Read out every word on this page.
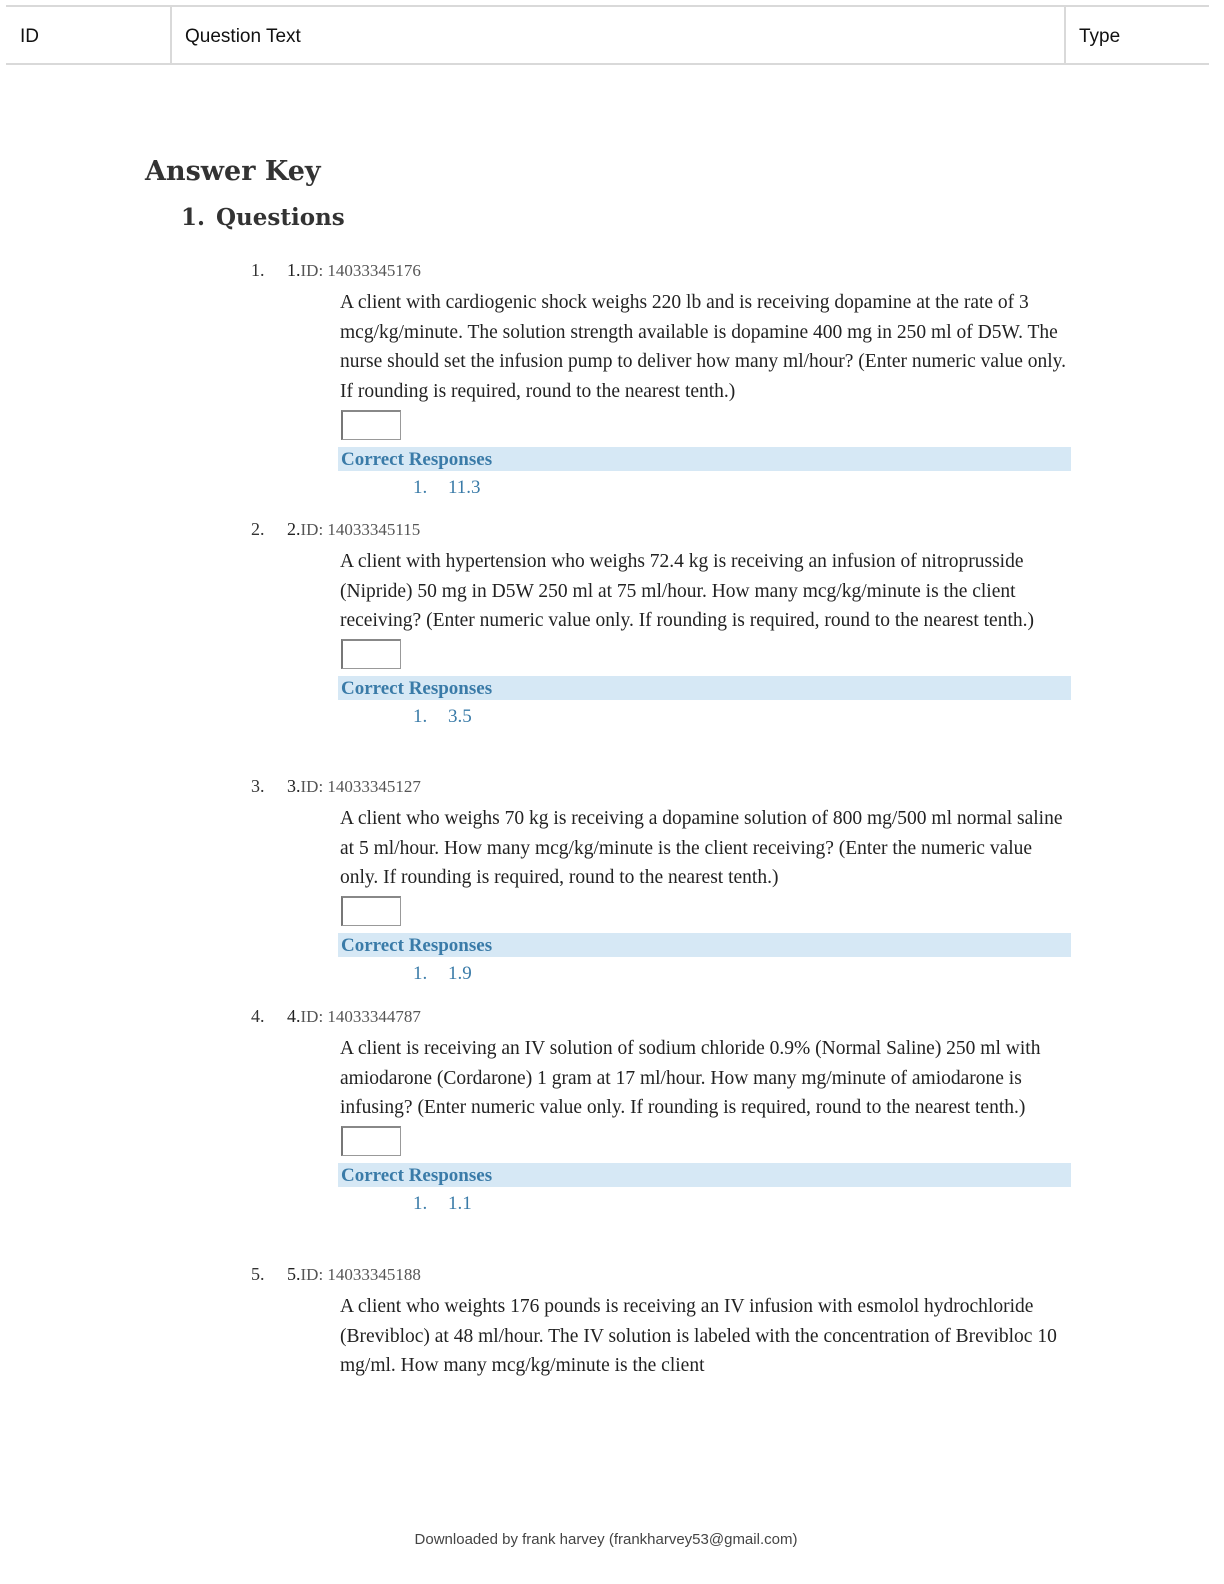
ID	Question Text	Type
Answer Key
1. Questions
1. 1.ID: 14033345176
A client with cardiogenic shock weighs 220 lb and is receiving dopamine at the rate of 3 mcg/kg/minute. The solution strength available is dopamine 400 mg in 250 ml of D5W. The nurse should set the infusion pump to deliver how many ml/hour? (Enter numeric value only. If rounding is required, round to the nearest tenth.)
Correct Responses
1. 11.3
2. 2.ID: 14033345115
A client with hypertension who weighs 72.4 kg is receiving an infusion of nitroprusside (Nipride) 50 mg in D5W 250 ml at 75 ml/hour. How many mcg/kg/minute is the client receiving? (Enter numeric value only. If rounding is required, round to the nearest tenth.)
Correct Responses
1. 3.5
3. 3.ID: 14033345127
A client who weighs 70 kg is receiving a dopamine solution of 800 mg/500 ml normal saline at 5 ml/hour. How many mcg/kg/minute is the client receiving? (Enter the numeric value only. If rounding is required, round to the nearest tenth.)
Correct Responses
1. 1.9
4. 4.ID: 14033344787
A client is receiving an IV solution of sodium chloride 0.9% (Normal Saline) 250 ml with amiodarone (Cordarone) 1 gram at 17 ml/hour. How many mg/minute of amiodarone is infusing? (Enter numeric value only. If rounding is required, round to the nearest tenth.)
Correct Responses
1. 1.1
5. 5.ID: 14033345188
A client who weights 176 pounds is receiving an IV infusion with esmolol hydrochloride (Brevibloc) at 48 ml/hour. The IV solution is labeled with the concentration of Brevibloc 10 mg/ml. How many mcg/kg/minute is the client
Downloaded by frank harvey (frankharvey53@gmail.com)
